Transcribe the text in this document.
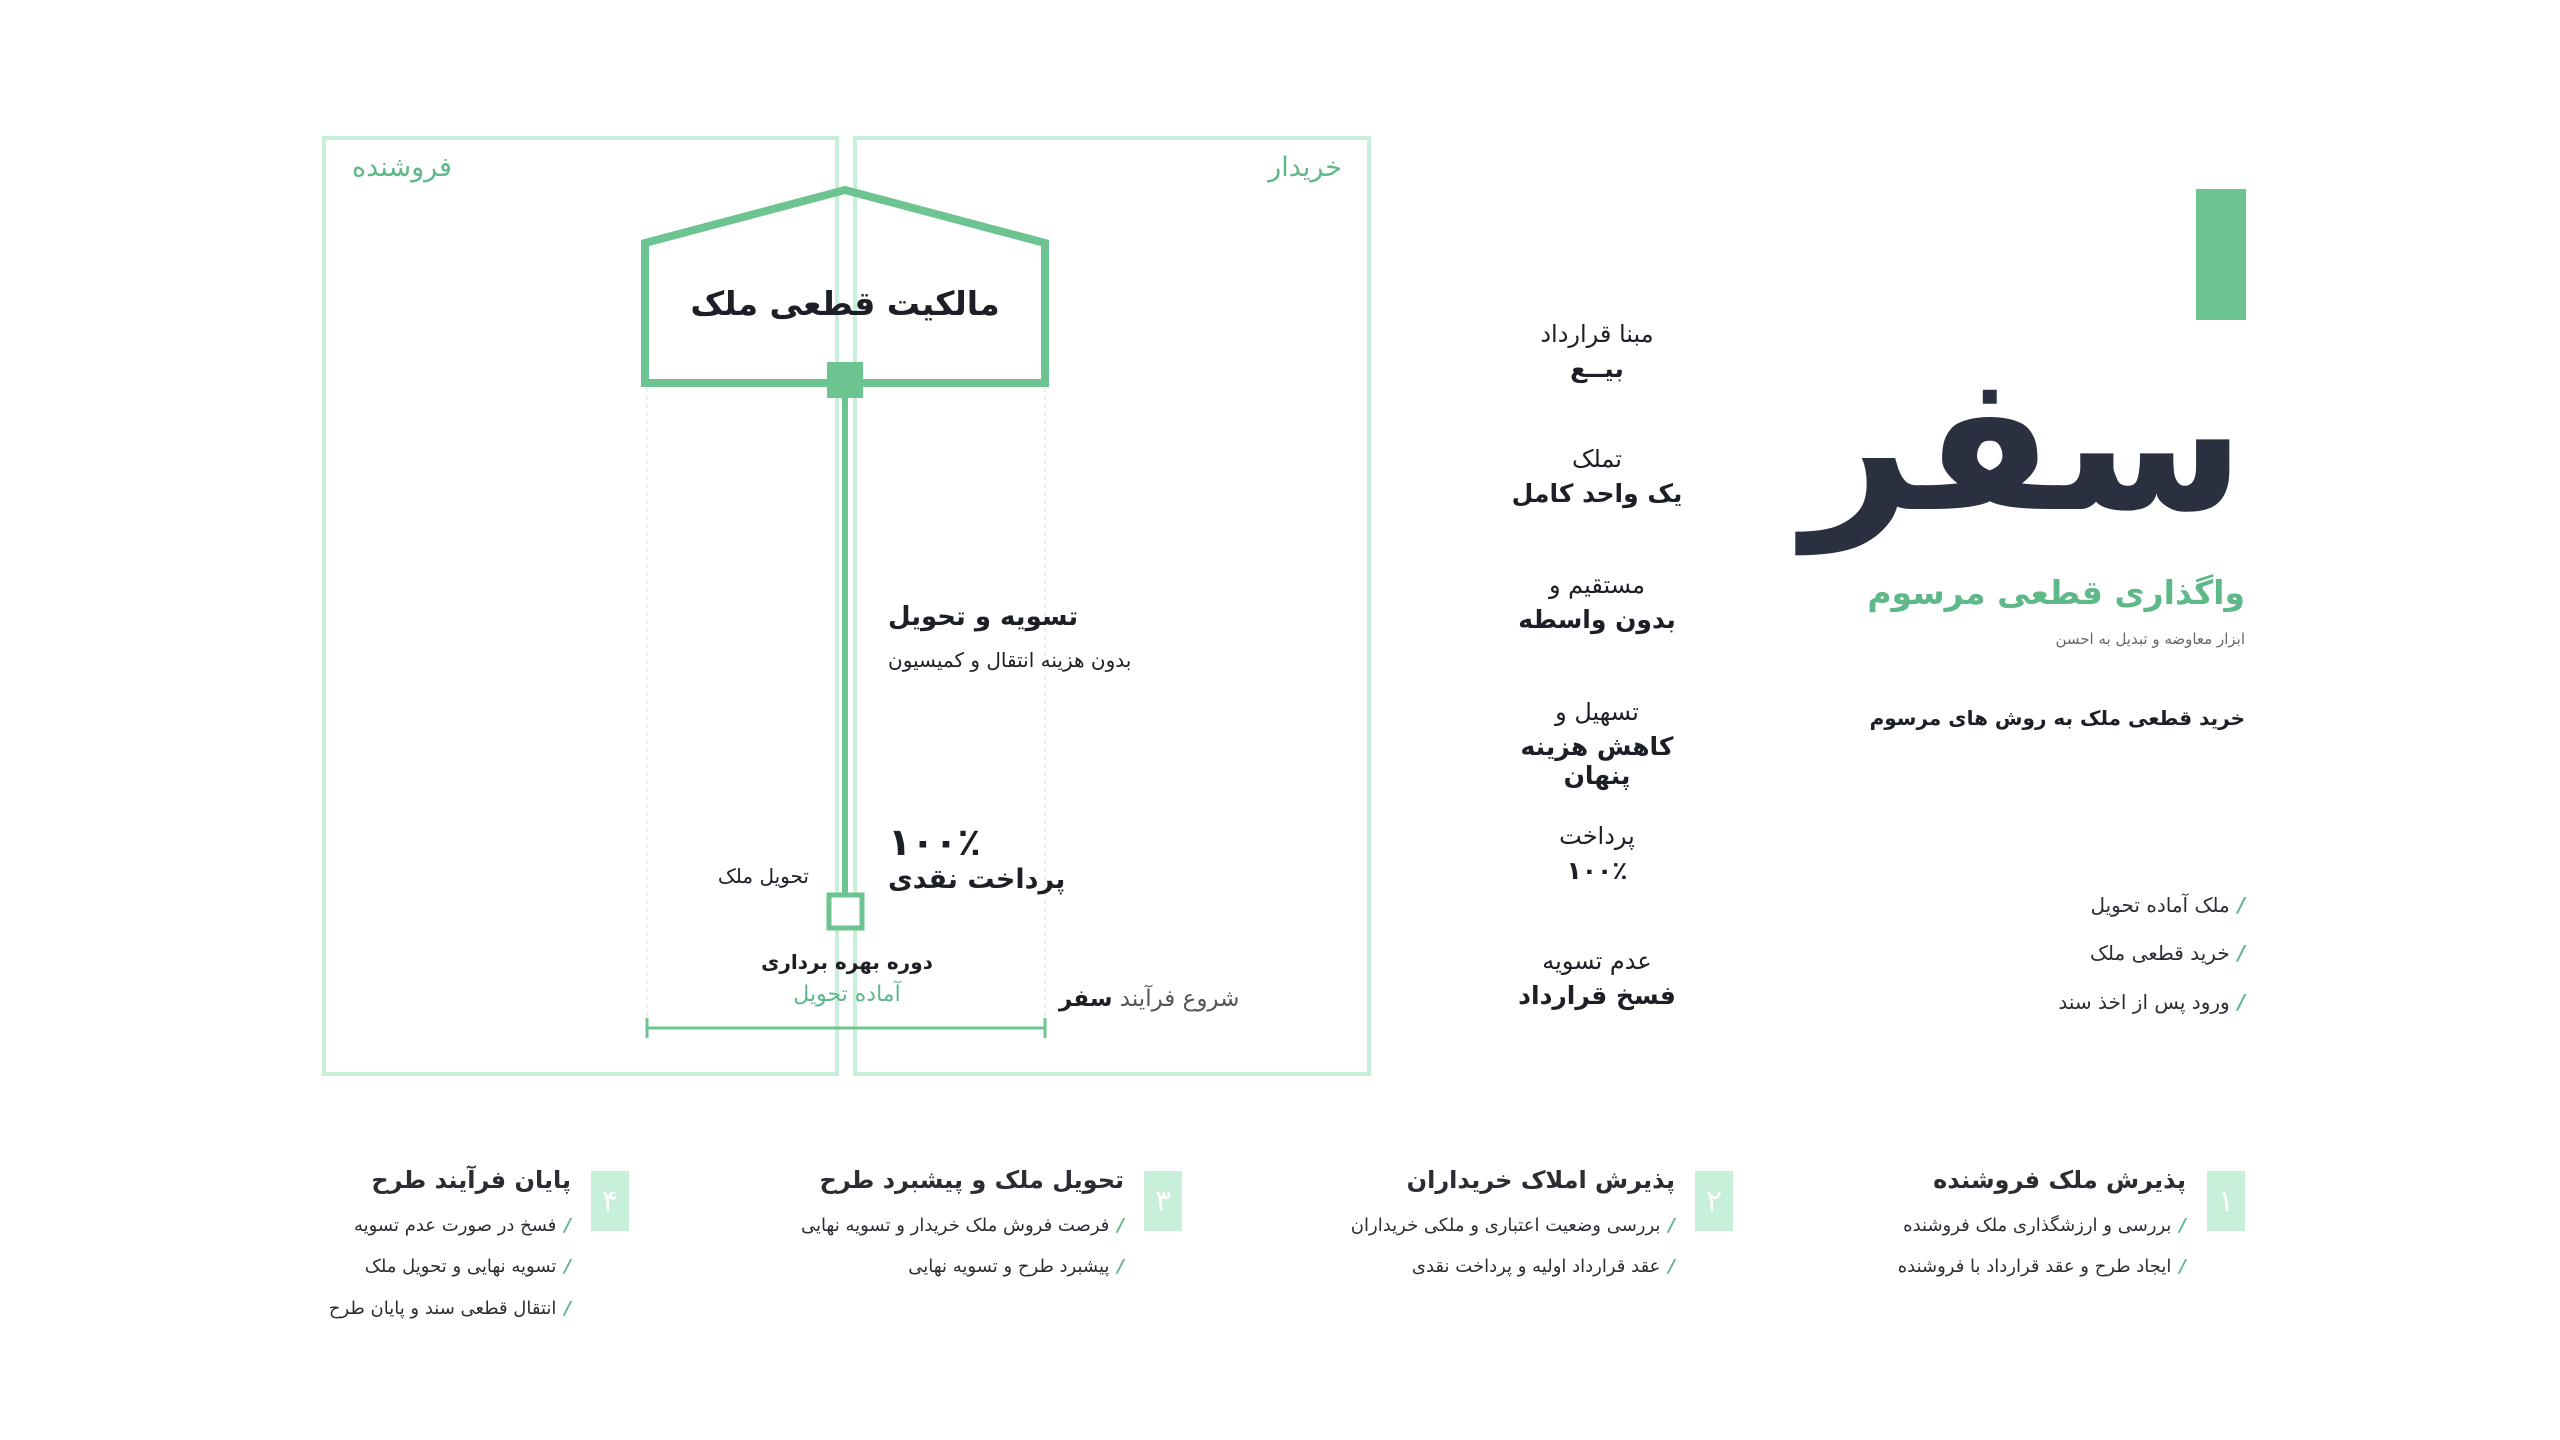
فروشنده	خریدار
مالکیت قطعی ملک
تسویه و تحویل
بدون هزینه انتقال و کمیسیون
۱۰۰٪
پرداخت نقدی
تحویل ملک
دوره بهره برداری
آماده تحویل	شروع فرآیند سفر
مبنا قرارداد
بیــع
تملک
یک واحد کامل
مستقیم و
بدون واسطه
تسهیل و
کاهش هزینه پنهان
پرداخت
۱۰۰٪
عدم تسویه
فسخ قرارداد
سفر
واگذاری قطعی مرسوم
ابزار معاوضه و تبدیل به احسن
خرید قطعی ملک به روش های مرسوم
/ملک آماده تحویل
/خرید قطعی ملک
/ورود پس از اخذ سند
۱
پذیرش ملک فروشنده
/بررسی و ارزشگذاری ملک فروشنده
/ایجاد طرح و عقد قرارداد با فروشنده
۲
پذیرش املاک خریداران
/بررسی وضعیت اعتباری و ملکی خریداران
/عقد قرارداد اولیه و پرداخت نقدی
۳
تحویل ملک و پیشبرد طرح
/فرصت فروش ملک خریدار و تسویه نهایی
/پیشبرد طرح و تسویه نهایی
۴
پایان فرآیند طرح
/فسخ در صورت عدم تسویه
/تسویه نهایی و تحویل ملک
/انتقال قطعی سند و پایان طرح
